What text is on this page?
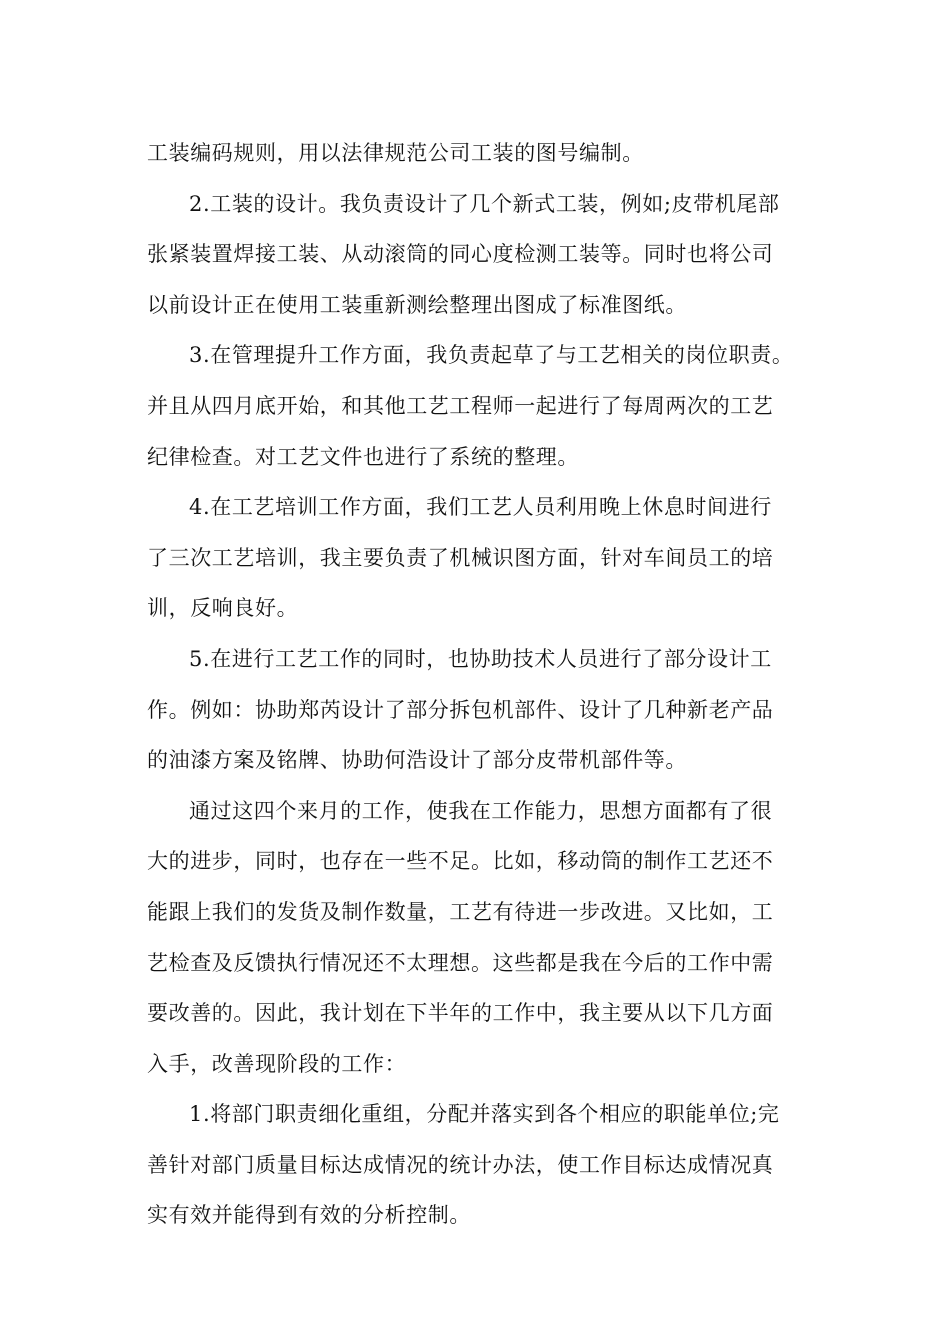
工装编码规则，用以法律规范公司工装的图号编制。

2.工装的设计。我负责设计了几个新式工装，例如;皮带机尾部
张紧装置焊接工装、从动滚筒的同心度检测工装等。同时也将公司
以前设计正在使用工装重新测绘整理出图成了标准图纸。

3.在管理提升工作方面，我负责起草了与工艺相关的岗位职责。
并且从四月底开始，和其他工艺工程师一起进行了每周两次的工艺
纪律检查。对工艺文件也进行了系统的整理。

4.在工艺培训工作方面，我们工艺人员利用晚上休息时间进行
了三次工艺培训，我主要负责了机械识图方面，针对车间员工的培
训，反响良好。

5.在进行工艺工作的同时，也协助技术人员进行了部分设计工
作。例如：协助郑芮设计了部分拆包机部件、设计了几种新老产品
的油漆方案及铭牌、协助何浩设计了部分皮带机部件等。

通过这四个来月的工作，使我在工作能力，思想方面都有了很
大的进步，同时，也存在一些不足。比如，移动筒的制作工艺还不
能跟上我们的发货及制作数量，工艺有待进一步改进。又比如，工
艺检查及反馈执行情况还不太理想。这些都是我在今后的工作中需
要改善的。因此，我计划在下半年的工作中，我主要从以下几方面
入手，改善现阶段的工作：

1.将部门职责细化重组，分配并落实到各个相应的职能单位;完
善针对部门质量目标达成情况的统计办法，使工作目标达成情况真
实有效并能得到有效的分析控制。
